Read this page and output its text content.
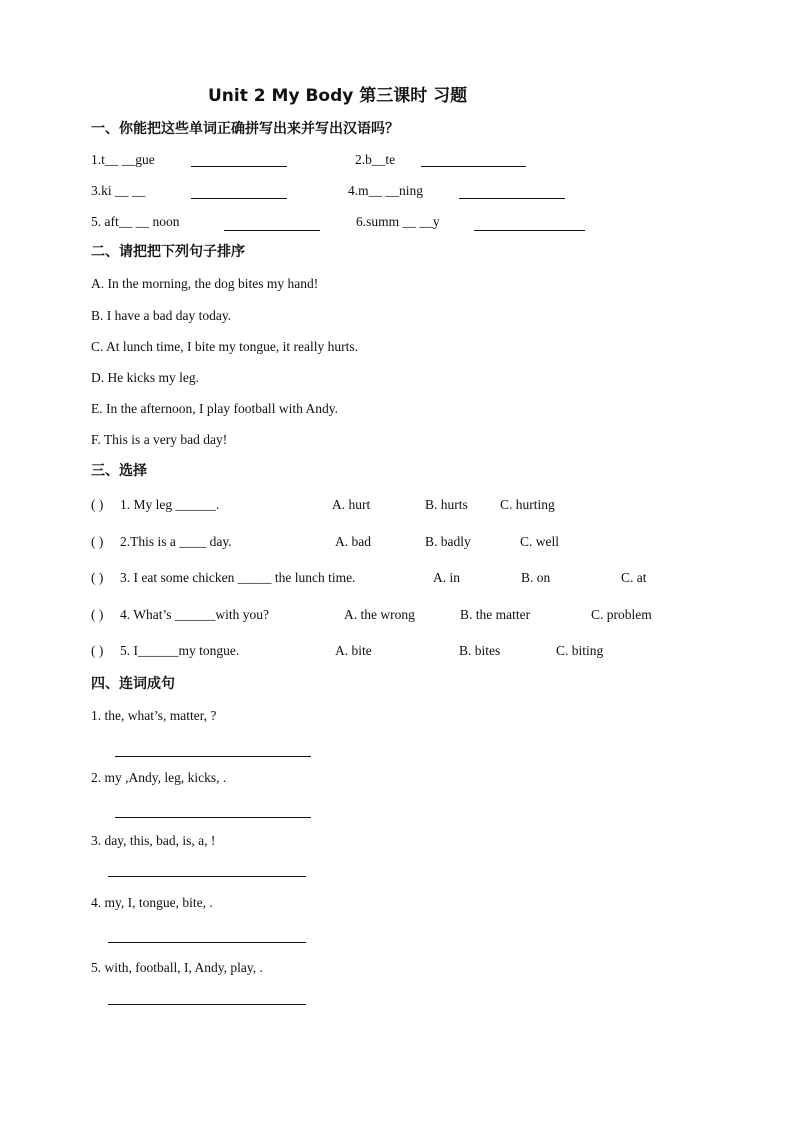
Unit 2 My Body 第三课时 习题
一、你能把这些单词正确拼写出来并写出汉语吗？
1.t__ __gue	2.b__te
3.ki __ __	4.m__ __ning
5. aft__ __ noon	6.summ __ __y
二、请把把下列句子排序
A. In the morning, the dog bites my hand!
B. I have a bad day today.
C. At lunch time, I bite my tongue, it really hurts.
D. He kicks my leg.
E. In the afternoon, I play football with Andy.
F. This is a very bad day!
三、选择
( ) 1. My leg ______.	A. hurt	B. hurts C. hurting
( ) 2.This is a ____ day.	A. bad	B. badly	C. well
( ) 3. I eat some chicken _____ the lunch time.	A. in	B. on	C. at
( ) 4. What’s ______with you?	A. the wrong	B. the matter	C. problem
( ) 5. I______my tongue.	A. bite	B. bites	C. biting
四、连词成句
1. the, what’s, matter, ?
2. my ,Andy, leg, kicks, .
3. day, this, bad, is, a, !
4. my, I, tongue, bite, .
5. with, football, I, Andy, play, .
